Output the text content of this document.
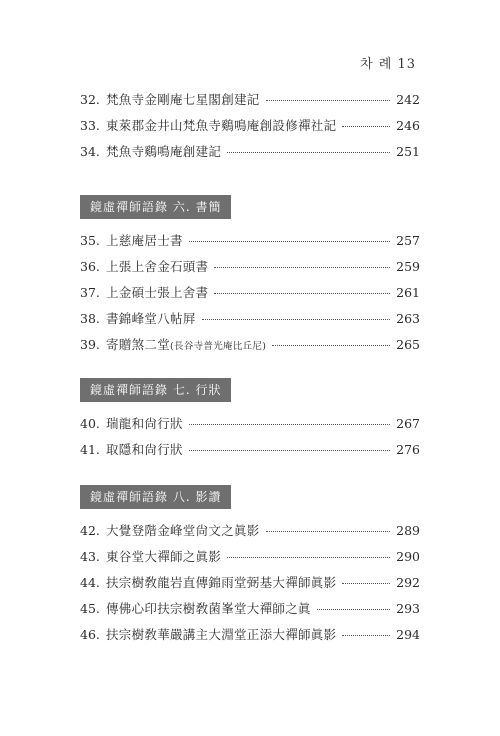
차 례 13
32. 梵魚寺金剛庵七星閣創建記	242
33. 東萊郡金井山梵魚寺鷄鳴庵創設修禪社記	246
34. 梵魚寺鷄鳴庵創建記	251
鏡虛禪師語錄 六. 書簡
35. 上慈庵居士書	257
36. 上張上舍金石頭書	259
37. 上金碩士張上舍書	261
38. 書錦峰堂八帖屛	263
39. 寄贈煞二堂(長谷寺普光庵比丘尼)	265
鏡虛禪師語錄 七. 行狀
40. 瑞龍和尙行狀	267
41. 取隱和尙行狀	276
鏡虛禪師語錄 八. 影讚
42. 大覺登階金峰堂尙文之眞影	289
43. 東谷堂大禪師之眞影	290
44. 扶宗樹敎龍岩直傳錦雨堂弼基大禪師眞影	292
45. 傳佛心印扶宗樹敎菌峯堂大禪師之眞	293
46. 扶宗樹敎華嚴講主大淵堂正添大禪師眞影	294
